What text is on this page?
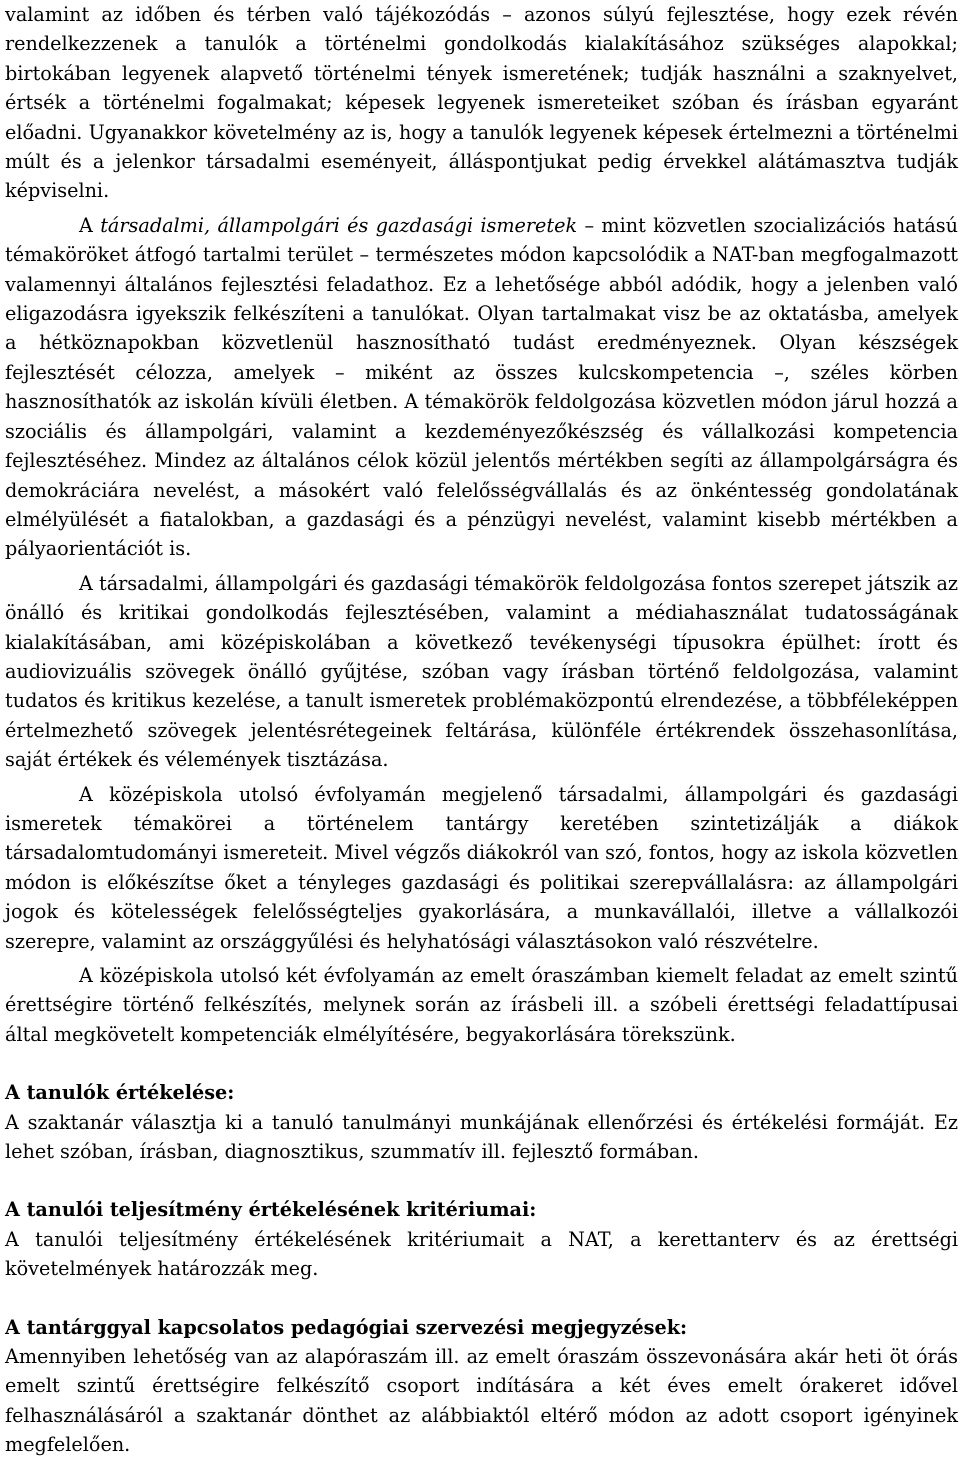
valamint az időben és térben való tájékozódás – azonos súlyú fejlesztése, hogy ezek révén rendelkezzenek a tanulók a történelmi gondolkodás kialakításához szükséges alapokkal; birtokában legyenek alapvető történelmi tények ismeretének; tudják használni a szaknyelvet, értsék a történelmi fogalmakat; képesek legyenek ismereteiket szóban és írásban egyaránt előadni. Ugyanakkor követelmény az is, hogy a tanulók legyenek képesek értelmezni a történelmi múlt és a jelenkor társadalmi eseményeit, álláspontjukat pedig érvekkel alátámasztva tudják képviselni.

A társadalmi, állampolgári és gazdasági ismeretek – mint közvetlen szocializációs hatású témaköröket átfogó tartalmi terület – természetes módon kapcsolódik a NAT-ban megfogalmazott valamennyi általános fejlesztési feladathoz. Ez a lehetősége abból adódik, hogy a jelenben való eligazodásra igyekszik felkészíteni a tanulókat. Olyan tartalmakat visz be az oktatásba, amelyek a hétköznapokban közvetlenül hasznosítható tudást eredményeznek. Olyan készségek fejlesztését célozza, amelyek – miként az összes kulcskompetencia –, széles körben hasznosíthatók az iskolán kívüli életben. A témakörök feldolgozása közvetlen módon járul hozzá a szociális és állampolgári, valamint a kezdeményezőkészség és vállalkozási kompetencia fejlesztéséhez. Mindez az általános célok közül jelentős mértékben segíti az állampolgárságra és demokráciára nevelést, a másokért való felelősségvállalás és az önkéntesség gondolatának elmélyülését a fiatalokban, a gazdasági és a pénzügyi nevelést, valamint kisebb mértékben a pályaorientációt is.

A társadalmi, állampolgári és gazdasági témakörök feldolgozása fontos szerepet játszik az önálló és kritikai gondolkodás fejlesztésében, valamint a médiahasználat tudatosságának kialakításában, ami középiskolában a következő tevékenységi típusokra épülhet: írott és audiovizuális szövegek önálló gyűjtése, szóban vagy írásban történő feldolgozása, valamint tudatos és kritikus kezelése, a tanult ismeretek problémaközpontú elrendezése, a többféleképpen értelmezhető szövegek jelentésrétegeinek feltárása, különféle értékrendek összehasonlítása, saját értékek és vélemények tisztázása.

A középiskola utolsó évfolyamán megjelenő társadalmi, állampolgári és gazdasági ismeretek témakörei a történelem tantárgy keretében szintetizálják a diákok társadalomtudományi ismereteit. Mivel végzős diákokról van szó, fontos, hogy az iskola közvetlen módon is előkészítse őket a tényleges gazdasági és politikai szerepvállalásra: az állampolgári jogok és kötelességek felelősségteljes gyakorlására, a munkavállalói, illetve a vállalkozói szerepre, valamint az országgyűlési és helyhatósági választásokon való részvételre.

A középiskola utolsó két évfolyamán az emelt óraszámban kiemelt feladat az emelt szintű érettségire történő felkészítés, melynek során az írásbeli ill. a szóbeli érettségi feladattípusai által megkövetelt kompetenciák elmélyítésére, begyakorlására törekszünk.

A tanulók értékelése:

A szaktanár választja ki a tanuló tanulmányi munkájának ellenőrzési és értékelési formáját. Ez lehet szóban, írásban, diagnosztikus, szummatív ill. fejlesztő formában.

A tanulói teljesítmény értékelésének kritériumai:

A tanulói teljesítmény értékelésének kritériumait a NAT, a kerettanterv és az érettségi követelmények határozzák meg.

A tantárggyal kapcsolatos pedagógiai szervezési megjegyzések:

Amennyiben lehetőség van az alapóraszám ill. az emelt óraszám összevonására akár heti öt órás emelt szintű érettségire felkészítő csoport indítására a két éves emelt órakeret idővel felhasználásáról a szaktanár dönthet az alábbiaktól eltérő módon az adott csoport igényinek megfelelően.
